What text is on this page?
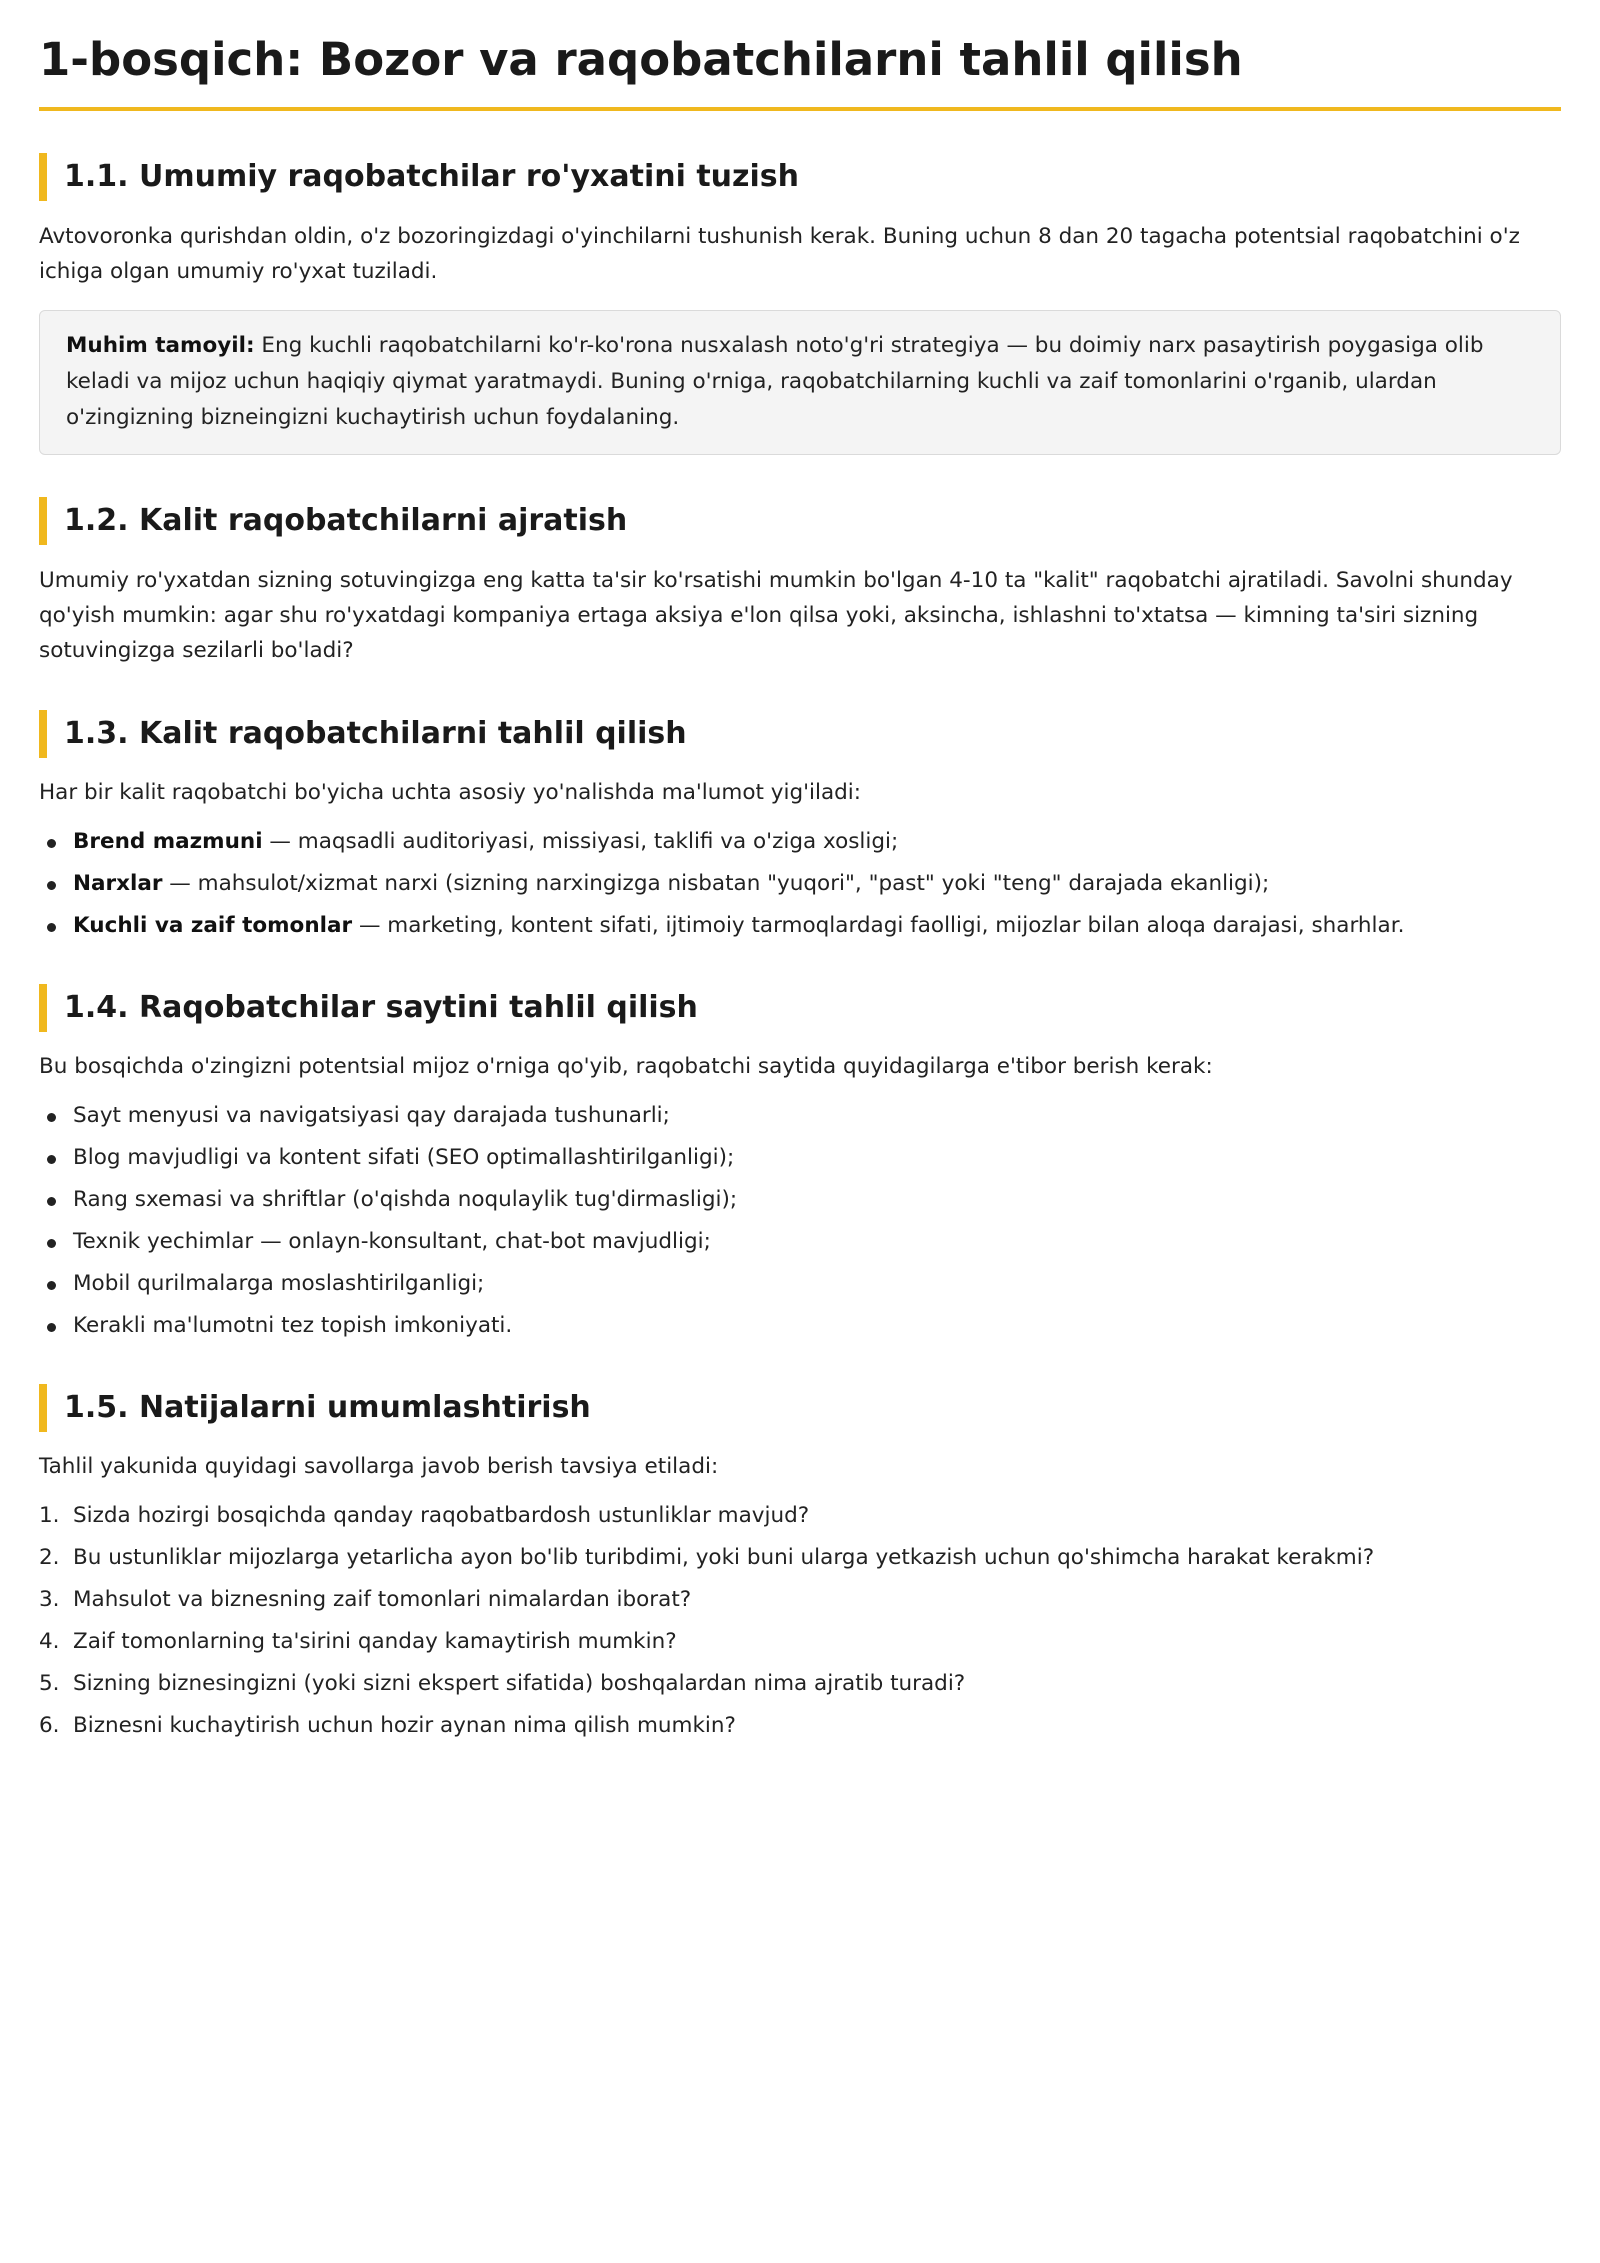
1-bosqich: Bozor va raqobatchilarni tahlil qilish
1.1. Umumiy raqobatchilar ro'yxatini tuzish

Avtovoronka qurishdan oldin, o'z bozoringizdagi o'yinchilarni tushunish kerak. Buning uchun 8 dan 20 tagacha potentsial raqobatchini o'z ichiga olgan umumiy ro'yxat tuziladi.

Muhim tamoyil: Eng kuchli raqobatchilarni ko'r-ko'rona nusxalash noto'g'ri strategiya — bu doimiy narx pasaytirish poygasiga olib keladi va mijoz uchun haqiqiy qiymat yaratmaydi. Buning o'rniga, raqobatchilarning kuchli va zaif tomonlarini o'rganib, ulardan o'zingizning bizneingizni kuchaytirish uchun foydalaning.
1.2. Kalit raqobatchilarni ajratish

Umumiy ro'yxatdan sizning sotuvingizga eng katta ta'sir ko'rsatishi mumkin bo'lgan 4-10 ta "kalit" raqobatchi ajratiladi. Savolni shunday qo'yish mumkin: agar shu ro'yxatdagi kompaniya ertaga aksiya e'lon qilsa yoki, aksincha, ishlashni to'xtatsa — kimning ta'siri sizning sotuvingizga sezilarli bo'ladi?

1.3. Kalit raqobatchilarni tahlil qilish

Har bir kalit raqobatchi bo'yicha uchta asosiy yo'nalishda ma'lumot yig'iladi:

Brend mazmuni — maqsadli auditoriyasi, missiyasi, taklifi va o'ziga xosligi;
Narxlar — mahsulot/xizmat narxi (sizning narxingizga nisbatan "yuqori", "past" yoki "teng" darajada ekanligi);
Kuchli va zaif tomonlar — marketing, kontent sifati, ijtimoiy tarmoqlardagi faolligi, mijozlar bilan aloqa darajasi, sharhlar.
1.4. Raqobatchilar saytini tahlil qilish

Bu bosqichda o'zingizni potentsial mijoz o'rniga qo'yib, raqobatchi saytida quyidagilarga e'tibor berish kerak:

Sayt menyusi va navigatsiyasi qay darajada tushunarli;
Blog mavjudligi va kontent sifati (SEO optimallashtirilganligi);
Rang sxemasi va shriftlar (o'qishda noqulaylik tug'dirmasligi);
Texnik yechimlar — onlayn-konsultant, chat-bot mavjudligi;
Mobil qurilmalarga moslashtirilganligi;
Kerakli ma'lumotni tez topish imkoniyati.
1.5. Natijalarni umumlashtirish

Tahlil yakunida quyidagi savollarga javob berish tavsiya etiladi:

1. Sizda hozirgi bosqichda qanday raqobatbardosh ustunliklar mavjud?
2. Bu ustunliklar mijozlarga yetarlicha ayon bo'lib turibdimi, yoki buni ularga yetkazish uchun qo'shimcha harakat kerakmi?
3. Mahsulot va biznesning zaif tomonlari nimalardan iborat?
4. Zaif tomonlarning ta'sirini qanday kamaytirish mumkin?
5. Sizning biznesingizni (yoki sizni ekspert sifatida) boshqalardan nima ajratib turadi?
6. Biznesni kuchaytirish uchun hozir aynan nima qilish mumkin?
